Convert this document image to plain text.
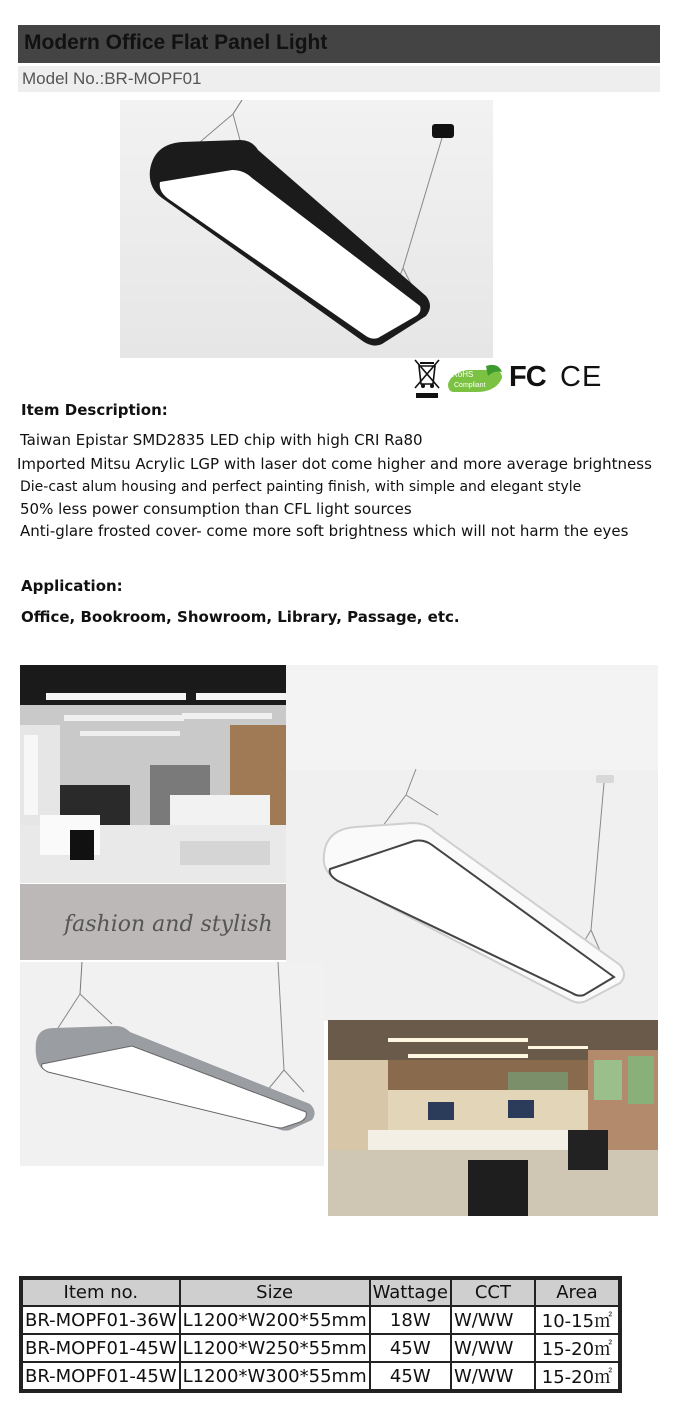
Modern Office Flat Panel Light
Model No.:BR-MOPF01
RoHS
Compliant FC CE
Item Description:
Taiwan Epistar SMD2835 LED chip with high CRI Ra80
Imported Mitsu Acrylic LGP with laser dot come higher and more average brightness
Die-cast alum housing and perfect painting finish, with simple and elegant style
50% less power consumption than CFL light sources
Anti-glare frosted cover- come more soft brightness which will not harm the eyes
Application:
Office, Bookroom, Showroom, Library, Passage, etc.
fashion and stylish
Item no.	Size	Wattage	CCT	Area
BR-MOPF01-36W	L1200*W200*55mm	18W	W/WW	10-15㎡
BR-MOPF01-45W	L1200*W250*55mm	45W	W/WW	15-20㎡
BR-MOPF01-45W	L1200*W300*55mm	45W	W/WW	15-20㎡
